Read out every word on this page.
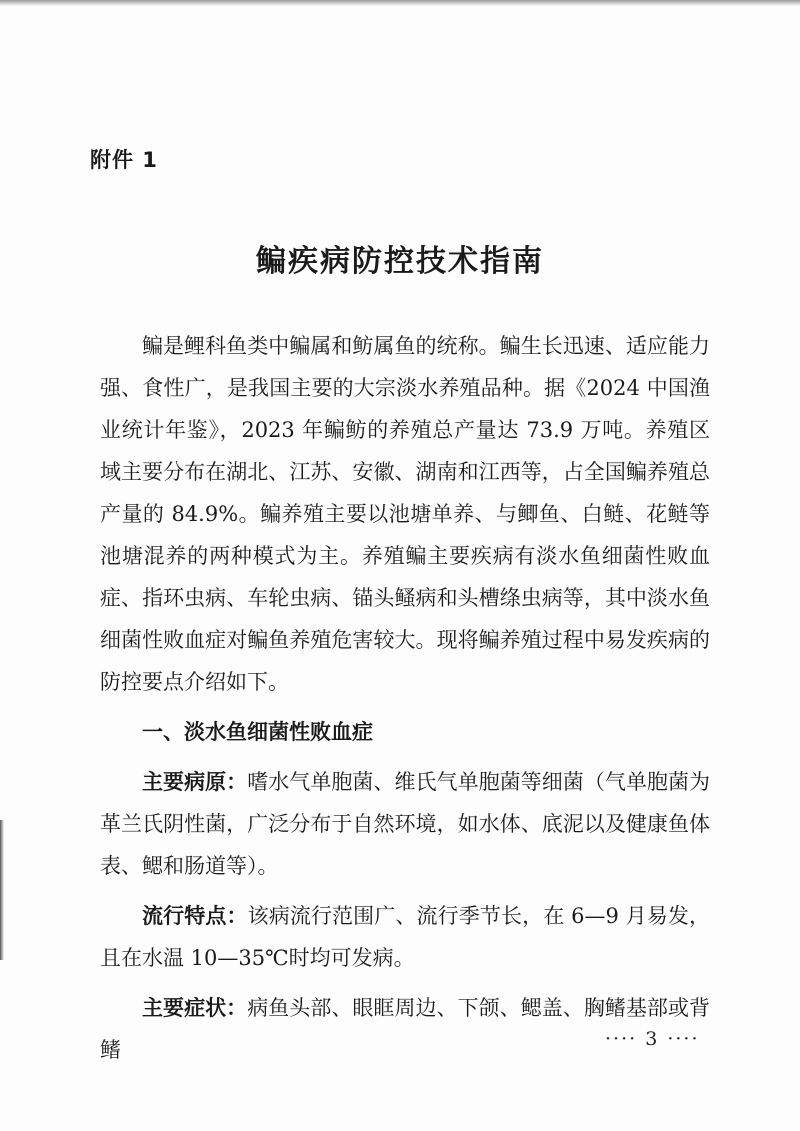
附件 1
鳊疾病防控技术指南

鳊是鲤科鱼类中鳊属和鲂属鱼的统称。鳊生长迅速、适应能力强、食性广，是我国主要的大宗淡水养殖品种。据《2024 中国渔业统计年鉴》，2023 年鳊鲂的养殖总产量达 73.9 万吨。养殖区域主要分布在湖北、江苏、安徽、湖南和江西等，占全国鳊养殖总产量的 84.9%。鳊养殖主要以池塘单养、与鲫鱼、白鲢、花鲢等池塘混养的两种模式为主。养殖鳊主要疾病有淡水鱼细菌性败血症、指环虫病、车轮虫病、锚头鳋病和头槽绦虫病等，其中淡水鱼细菌性败血症对鳊鱼养殖危害较大。现将鳊养殖过程中易发疾病的防控要点介绍如下。

一、淡水鱼细菌性败血症

主要病原：嗜水气单胞菌、维氏气单胞菌等细菌（气单胞菌为革兰氏阴性菌，广泛分布于自然环境，如水体、底泥以及健康鱼体表、鳃和肠道等）。

流行特点：该病流行范围广、流行季节长，在 6—9 月易发，且在水温 10—35℃时均可发病。

主要症状：病鱼头部、眼眶周边、下颌、鳃盖、胸鳍基部或背鳍	···· 3 ····
